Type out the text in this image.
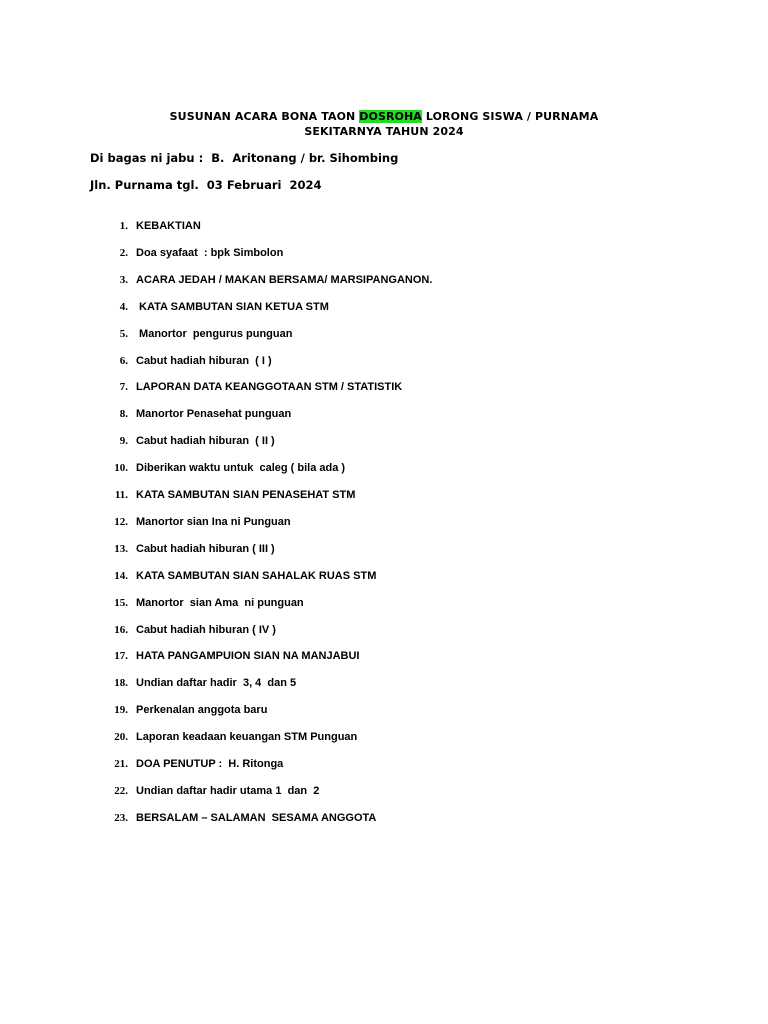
SUSUNAN ACARA BONA TAON DOSROHA LORONG SISWA / PURNAMA
SEKITARNYA TAHUN 2024
Di bagas ni jabu :  B.  Aritonang / br. Sihombing
Jln. Purnama tgl.  03 Februari  2024
1. KEBAKTIAN
2. Doa syafaat  : bpk Simbolon
3. ACARA JEDAH / MAKAN BERSAMA/ MARSIPANGANON.
4. KATA SAMBUTAN SIAN KETUA STM
5. Manortor  pengurus punguan
6. Cabut hadiah hiburan  ( I )
7. LAPORAN DATA KEANGGOTAAN STM / STATISTIK
8. Manortor Penasehat punguan
9. Cabut hadiah hiburan  ( II )
10. Diberikan waktu untuk  caleg ( bila ada )
11. KATA SAMBUTAN SIAN PENASEHAT STM
12. Manortor sian Ina ni Punguan
13. Cabut hadiah hiburan ( III )
14. KATA SAMBUTAN SIAN SAHALAK RUAS STM
15. Manortor  sian Ama  ni punguan
16. Cabut hadiah hiburan ( IV )
17. HATA PANGAMPUION SIAN NA MANJABUI
18. Undian daftar hadir  3, 4  dan 5
19. Perkenalan anggota baru
20. Laporan keadaan keuangan STM Punguan
21. DOA PENUTUP :  H. Ritonga
22. Undian daftar hadir utama 1  dan  2
23. BERSALAM – SALAMAN  SESAMA ANGGOTA
